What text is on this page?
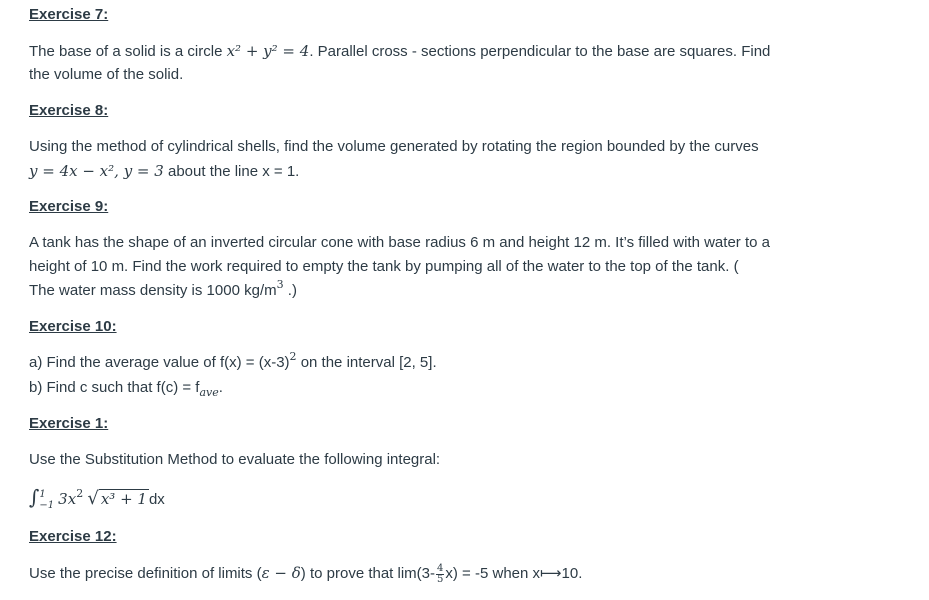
Exercise 7:
The base of a solid is a circle x² + y² = 4. Parallel cross - sections perpendicular to the base are squares. Find
the volume of the solid.
Exercise 8:
Using the method of cylindrical shells, find the volume generated by rotating the region bounded by the curves
y = 4x − x², y = 3 about the line x = 1.
Exercise 9:
A tank has the shape of an inverted circular cone with base radius 6 m and height 12 m. It’s filled with water to a
height of 10 m. Find the work required to empty the tank by pumping all of the water to the top of the tank. (
The water mass density is 1000 $kg/m^3$ .)
Exercise 10:
a) Find the average value of $f(x) = (x-3)^2$ on the interval [2, 5].
b) Find c such that $f(c) = f_{ave}$.
Exercise 1:
Use the Substitution Method to evaluate the following integral:
∫ 1
−1 $3x^2$ √ x³ + 1 dx
Exercise 12:
Use the precise definition of limits (ε − δ) to prove that $\lim(3- \frac{4}{5} x) = -5$ when x⟼10.
